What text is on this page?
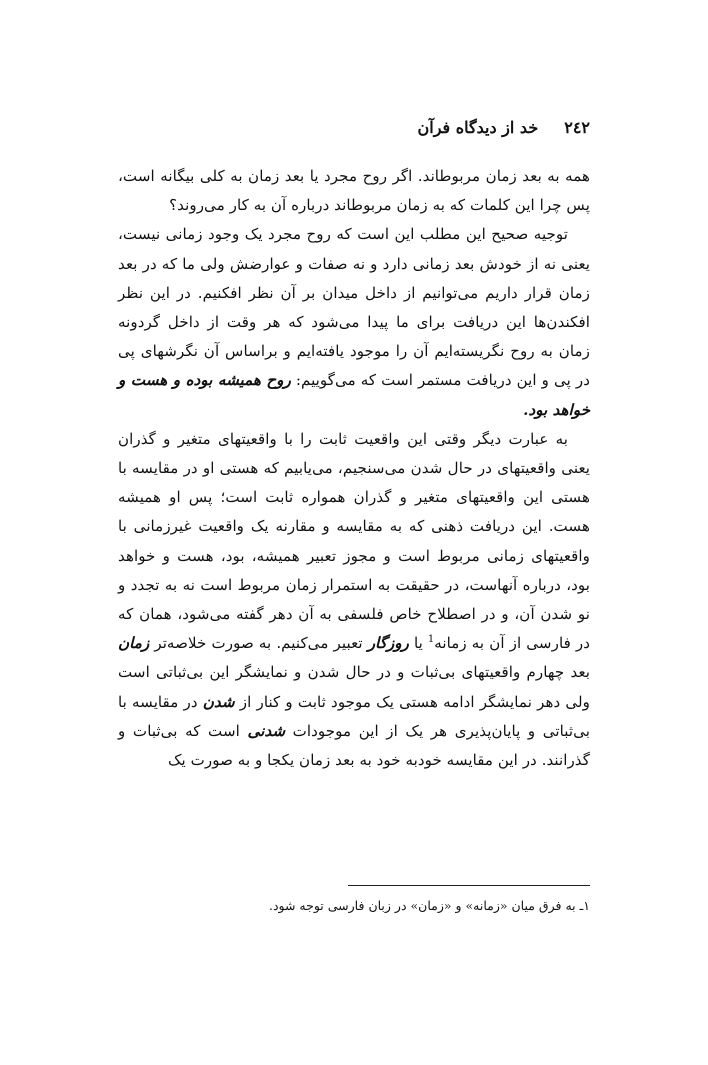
٢٤٢خد از دیدگاه فرآن

همه به بعد زمان مربوطاند. اگر روح مجرد یا بعد زمان به کلی بیگانه است، پس چرا این کلمات که به زمان مربوطاند درباره آن به کار می‌روند؟

توجیه صحیح این مطلب این است که روح مجرد یک وجود زمانی نیست، یعنی نه از خودش بعد زمانی دارد و نه صفات و عوارضش ولی ما که در بعد زمان قرار داریم می‌توانیم از داخل میدان بر آن نظر افکنیم. در این نظر افکندن‌ها این دریافت برای ما پیدا می‌شود که هر وقت از داخل گردونه زمان به روح نگریسته‌ایم آن را موجود یافته‌ایم و براساس آن نگرشهای پی در پی و این دریافت مستمر است که می‌گوییم: روح همیشه بوده و هست و خواهد بود.

به عبارت دیگر وقتی این واقعیت ثابت را با واقعیتهای متغیر و گذران یعنی واقعیتهای در حال شدن می‌سنجیم، می‌یابیم که هستی او در مقایسه با هستی این واقعیتهای متغیر و گذران همواره ثابت است؛ پس او همیشه هست. این دریافت ذهنی که به مقایسه و مقارنه یک واقعیت غیرزمانی با واقعیتهای زمانی مربوط است و مجوز تعبیر همیشه، بود، هست و خواهد بود، درباره آنهاست، در حقیقت به استمرار زمان مربوط است نه به تجدد و نو شدن آن، و در اصطلاح خاص فلسفی به آن دهر گفته می‌شود، همان که در فارسی از آن به زمانه$^1$ یا روزگار تعبیر می‌کنیم. به صورت خلاصه‌تر زمان بعد چهارم واقعیتهای بی‌ثبات و در حال شدن و نمایشگر این بی‌ثباتی است ولی دهر نمایشگر ادامه هستی یک موجود ثابت و کنار از شدن در مقایسه با بی‌ثباتی و پایان‌پذیری هر یک از این موجودات شدنی است که بی‌ثبات و گذرانند. در این مقایسه خودبه خود به بعد زمان یکجا و به صورت یک

١ـ به فرق میان «زمانه» و «زمان» در زبان فارسی توجه شود.
